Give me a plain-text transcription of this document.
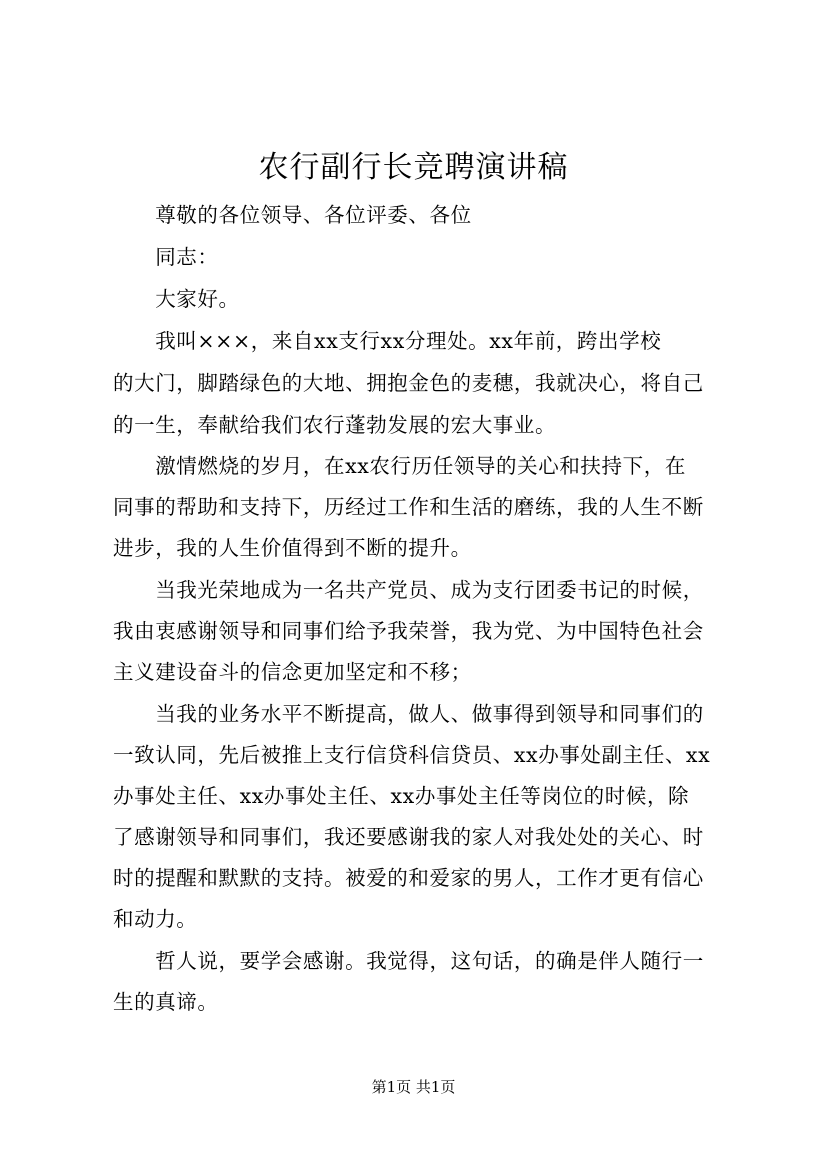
农行副行长竞聘演讲稿

　　尊敬的各位领导、各位评委、各位

　　同志：

　　大家好。

　　我叫×××，来自xx支行xx分理处。xx年前，跨出学校

的大门，脚踏绿色的大地、拥抱金色的麦穗，我就决心，将自己

的一生，奉献给我们农行蓬勃发展的宏大事业。

　　激情燃烧的岁月，在xx农行历任领导的关心和扶持下，在

同事的帮助和支持下，历经过工作和生活的磨练，我的人生不断

进步，我的人生价值得到不断的提升。

　　当我光荣地成为一名共产党员、成为支行团委书记的时候，

我由衷感谢领导和同事们给予我荣誉，我为党、为中国特色社会

主义建设奋斗的信念更加坚定和不移；

　　当我的业务水平不断提高，做人、做事得到领导和同事们的

一致认同，先后被推上支行信贷科信贷员、xx办事处副主任、xx

办事处主任、xx办事处主任、xx办事处主任等岗位的时候，除

了感谢领导和同事们，我还要感谢我的家人对我处处的关心、时

时的提醒和默默的支持。被爱的和爱家的男人，工作才更有信心

和动力。

　　哲人说，要学会感谢。我觉得，这句话，的确是伴人随行一

生的真谛。

第1页 共1页
